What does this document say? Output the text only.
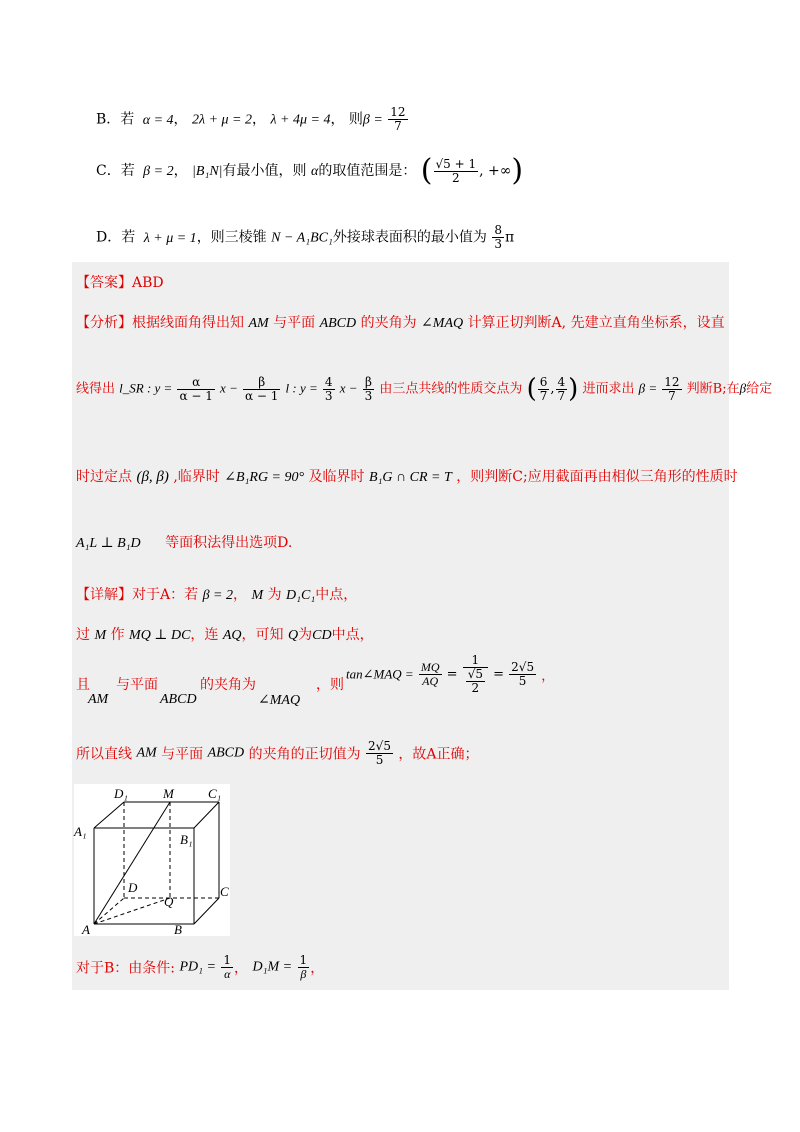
B．若 α = 4， 2λ + μ = 2， λ + 4μ = 4， 则$\beta = \frac{12}{7}$
C．若 β = 2， |B₁N|有最小值，则 α的取值范围是： ( $\frac{√5 + 1}{2}$ , +∞)
D．若 λ + μ = 1，则三棱锥 N − A₁BC₁外接球表面积的最小值为 $\frac{8}{3}$ π
【答案】ABD
【分析】根据线面角得出知 AM 与平面 ABCD 的夹角为 ∠MAQ 计算正切判断A, 先建立直角坐标系，设直
线得出 l_SR : $y = \frac{\alpha}{\alpha - 1}$ $x - \frac{\beta}{\alpha - 1}$ l : $y = \frac{4}{3}$ $x - \frac{\beta}{3}$ 由三点共线的性质交点为 ( $\frac{6}{7}$ , $\frac{4}{7}$ ) 进而求出 $\beta = \frac{12}{7}$ 判断B;在β给定
时过定点 (β, β) ,临界时 ∠B₁RG = 90° 及临界时 B₁G ∩ CR = T ，则判断C;应用截面再由相似三角形的性质时
A₁L ⊥ B₁D 等面积法得出选项D.
【详解】对于A：若 β = 2， M 为 D₁C₁中点，
过 M 作 MQ ⊥ DC，连 AQ，可知 Q为CD中点，
且 与平面	的夹角为	，则
AM	ABCD	∠MAQ
tan∠MAQ = $\frac{MQ}{AQ} = \frac{1}{\frac{√5}{2}} = \frac{2√5}{5}$ ，
所以直线 AM 与平面 ABCD 的夹角的正切值为 $\frac{2√5}{5}$ ，故A正确；
D₁	M	C₁
A₁
B₁
D	C
Q
A	B
对于B：由条件: $PD_1 = \frac{1}{\alpha}$ ， $D_1M = \frac{1}{\beta}$ ，
